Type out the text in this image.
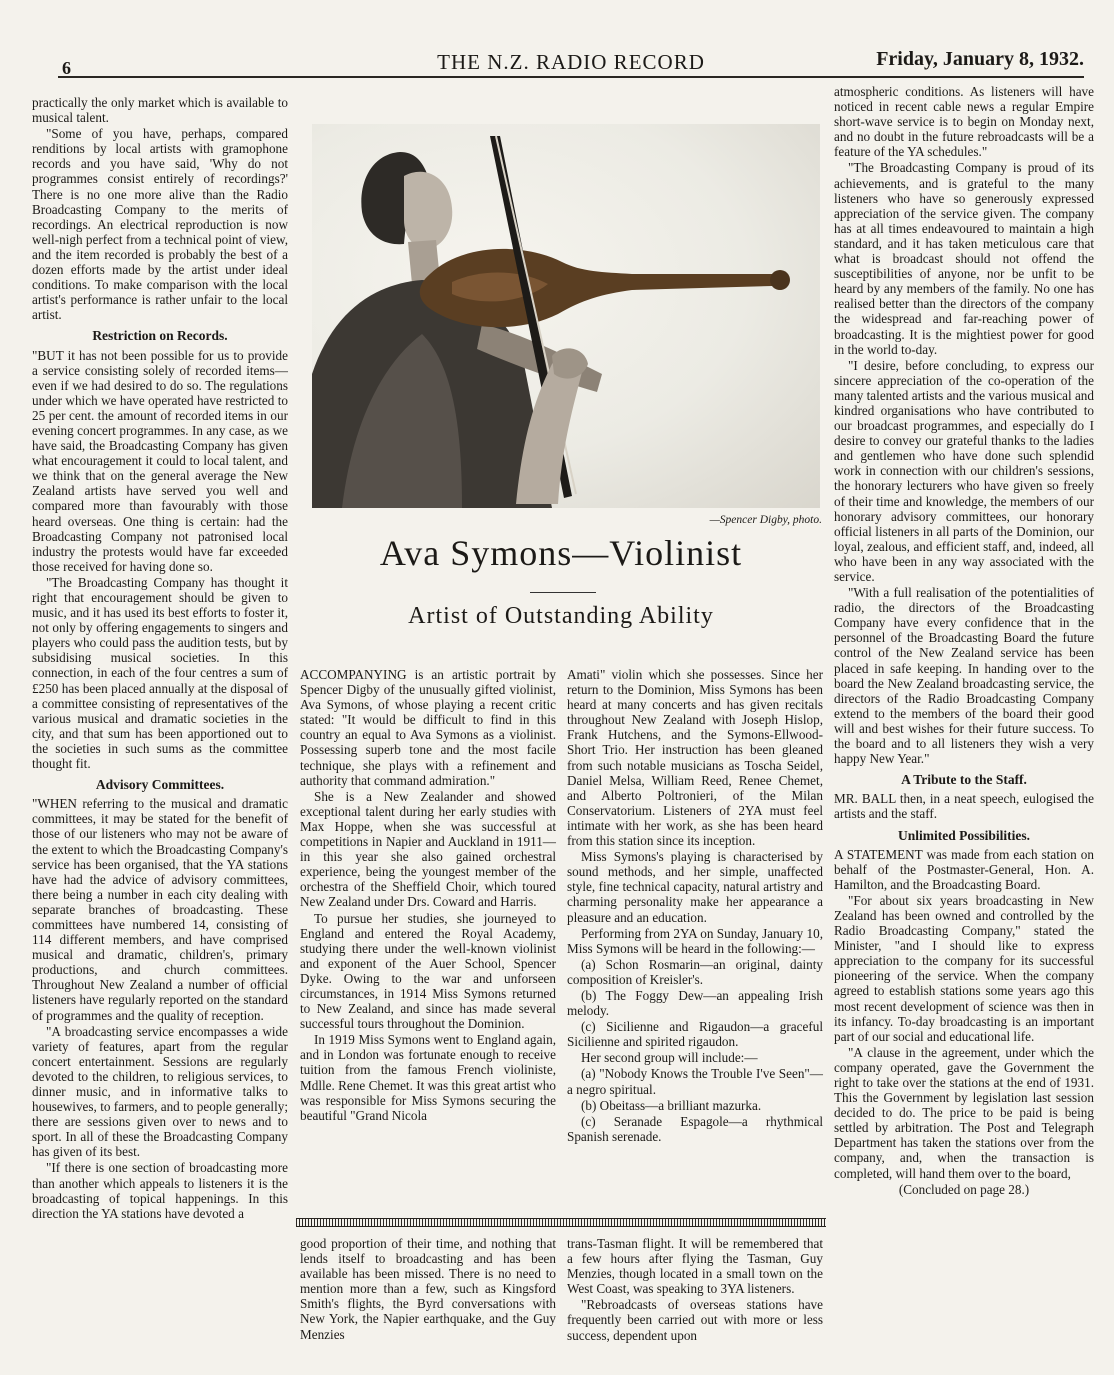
6	THE N.Z. RADIO RECORD	Friday, January 8, 1932.

practically the only market which is available to musical talent.

"Some of you have, perhaps, compared renditions by local artists with gramophone records and you have said, 'Why do not programmes consist entirely of recordings?' There is no one more alive than the Radio Broadcasting Company to the merits of recordings. An electrical reproduction is now well-nigh perfect from a technical point of view, and the item recorded is probably the best of a dozen efforts made by the artist under ideal conditions. To make comparison with the local artist's performance is rather unfair to the local artist.

Restriction on Records.

"BUT it has not been possible for us to provide a service consisting solely of recorded items—even if we had desired to do so. The regulations under which we have operated have restricted to 25 per cent. the amount of recorded items in our evening concert programmes. In any case, as we have said, the Broadcasting Company has given what encouragement it could to local talent, and we think that on the general average the New Zealand artists have served you well and compared more than favourably with those heard overseas. One thing is certain: had the Broadcasting Company not patronised local industry the protests would have far exceeded those received for having done so.

"The Broadcasting Company has thought it right that encouragement should be given to music, and it has used its best efforts to foster it, not only by offering engagements to singers and players who could pass the audition tests, but by subsidising musical societies. In this connection, in each of the four centres a sum of £250 has been placed annually at the disposal of a committee consisting of representatives of the various musical and dramatic societies in the city, and that sum has been apportioned out to the societies in such sums as the committee thought fit.

Advisory Committees.

"WHEN referring to the musical and dramatic committees, it may be stated for the benefit of those of our listeners who may not be aware of the extent to which the Broadcasting Company's service has been organised, that the YA stations have had the advice of advisory committees, there being a number in each city dealing with separate branches of broadcasting. These committees have numbered 14, consisting of 114 different members, and have comprised musical and dramatic, children's, primary productions, and church committees. Throughout New Zealand a number of official listeners have regularly reported on the standard of programmes and the quality of reception.

"A broadcasting service encompasses a wide variety of features, apart from the regular concert entertainment. Sessions are regularly devoted to the children, to religious services, to dinner music, and in informative talks to housewives, to farmers, and to people generally; there are sessions given over to news and to sport. In all of these the Broadcasting Company has given of its best.

"If there is one section of broadcasting more than another which appeals to listeners it is the broadcasting of topical happenings. In this direction the YA stations have devoted a

—Spencer Digby, photo.
Ava Symons—Violinist
Artist of Outstanding Ability

ACCOMPANYING is an artistic portrait by Spencer Digby of the unusually gifted violinist, Ava Symons, of whose playing a recent critic stated: "It would be difficult to find in this country an equal to Ava Symons as a violinist. Possessing superb tone and the most facile technique, she plays with a refinement and authority that command admiration."

She is a New Zealander and showed exceptional talent during her early studies with Max Hoppe, when she was successful at competitions in Napier and Auckland in 1911—in this year she also gained orchestral experience, being the youngest member of the orchestra of the Sheffield Choir, which toured New Zealand under Drs. Coward and Harris.

To pursue her studies, she journeyed to England and entered the Royal Academy, studying there under the well-known violinist and exponent of the Auer School, Spencer Dyke. Owing to the war and unforseen circumstances, in 1914 Miss Symons returned to New Zealand, and since has made several successful tours throughout the Dominion.

In 1919 Miss Symons went to England again, and in London was fortunate enough to receive tuition from the famous French violiniste, Mdlle. Rene Chemet. It was this great artist who was responsible for Miss Symons securing the beautiful "Grand Nicola

Amati" violin which she possesses. Since her return to the Dominion, Miss Symons has been heard at many concerts and has given recitals throughout New Zealand with Joseph Hislop, Frank Hutchens, and the Symons-Ellwood-Short Trio. Her instruction has been gleaned from such notable musicians as Toscha Seidel, Daniel Melsa, William Reed, Renee Chemet, and Alberto Poltronieri, of the Milan Conservatorium. Listeners of 2YA must feel intimate with her work, as she has been heard from this station since its inception.

Miss Symons's playing is characterised by sound methods, and her simple, unaffected style, fine technical capacity, natural artistry and charming personality make her appearance a pleasure and an education.

Performing from 2YA on Sunday, January 10, Miss Symons will be heard in the following:—

(a) Schon Rosmarin—an original, dainty composition of Kreisler's.

(b) The Foggy Dew—an appealing Irish melody.

(c) Sicilienne and Rigaudon—a graceful Sicilienne and spirited rigaudon.

Her second group will include:—

(a) "Nobody Knows the Trouble I've Seen"—a negro spiritual.

(b) Obeitass—a brilliant mazurka.

(c) Seranade Espagole—a rhythmical Spanish serenade.

good proportion of their time, and nothing that lends itself to broadcasting and has been available has been missed. There is no need to mention more than a few, such as Kingsford Smith's flights, the Byrd conversations with New York, the Napier earthquake, and the Guy Menzies

trans-Tasman flight. It will be remembered that a few hours after flying the Tasman, Guy Menzies, though located in a small town on the West Coast, was speaking to 3YA listeners.

"Rebroadcasts of overseas stations have frequently been carried out with more or less success, dependent upon

atmospheric conditions. As listeners will have noticed in recent cable news a regular Empire short-wave service is to begin on Monday next, and no doubt in the future rebroadcasts will be a feature of the YA schedules."

"The Broadcasting Company is proud of its achievements, and is grateful to the many listeners who have so generously expressed appreciation of the service given. The company has at all times endeavoured to maintain a high standard, and it has taken meticulous care that what is broadcast should not offend the susceptibilities of anyone, nor be unfit to be heard by any members of the family. No one has realised better than the directors of the company the widespread and far-reaching power of broadcasting. It is the mightiest power for good in the world to-day.

"I desire, before concluding, to express our sincere appreciation of the co-operation of the many talented artists and the various musical and kindred organisations who have contributed to our broadcast programmes, and especially do I desire to convey our grateful thanks to the ladies and gentlemen who have done such splendid work in connection with our children's sessions, the honorary lecturers who have given so freely of their time and knowledge, the members of our honorary advisory committees, our honorary official listeners in all parts of the Dominion, our loyal, zealous, and efficient staff, and, indeed, all who have been in any way associated with the service.

"With a full realisation of the potentialities of radio, the directors of the Broadcasting Company have every confidence that in the personnel of the Broadcasting Board the future control of the New Zealand service has been placed in safe keeping. In handing over to the board the New Zealand broadcasting service, the directors of the Radio Broadcasting Company extend to the members of the board their good will and best wishes for their future success. To the board and to all listeners they wish a very happy New Year."

A Tribute to the Staff.

MR. BALL then, in a neat speech, eulogised the artists and the staff.

Unlimited Possibilities.

A STATEMENT was made from each station on behalf of the Postmaster-General, Hon. A. Hamilton, and the Broadcasting Board.

"For about six years broadcasting in New Zealand has been owned and controlled by the Radio Broadcasting Company," stated the Minister, "and I should like to express appreciation to the company for its successful pioneering of the service. When the company agreed to establish stations some years ago this most recent development of science was then in its infancy. To-day broadcasting is an important part of our social and educational life.

"A clause in the agreement, under which the company operated, gave the Government the right to take over the stations at the end of 1931. This the Government by legislation last session decided to do. The price to be paid is being settled by arbitration. The Post and Telegraph Department has taken the stations over from the company, and, when the transaction is completed, will hand them over to the board,

(Concluded on page 28.)
